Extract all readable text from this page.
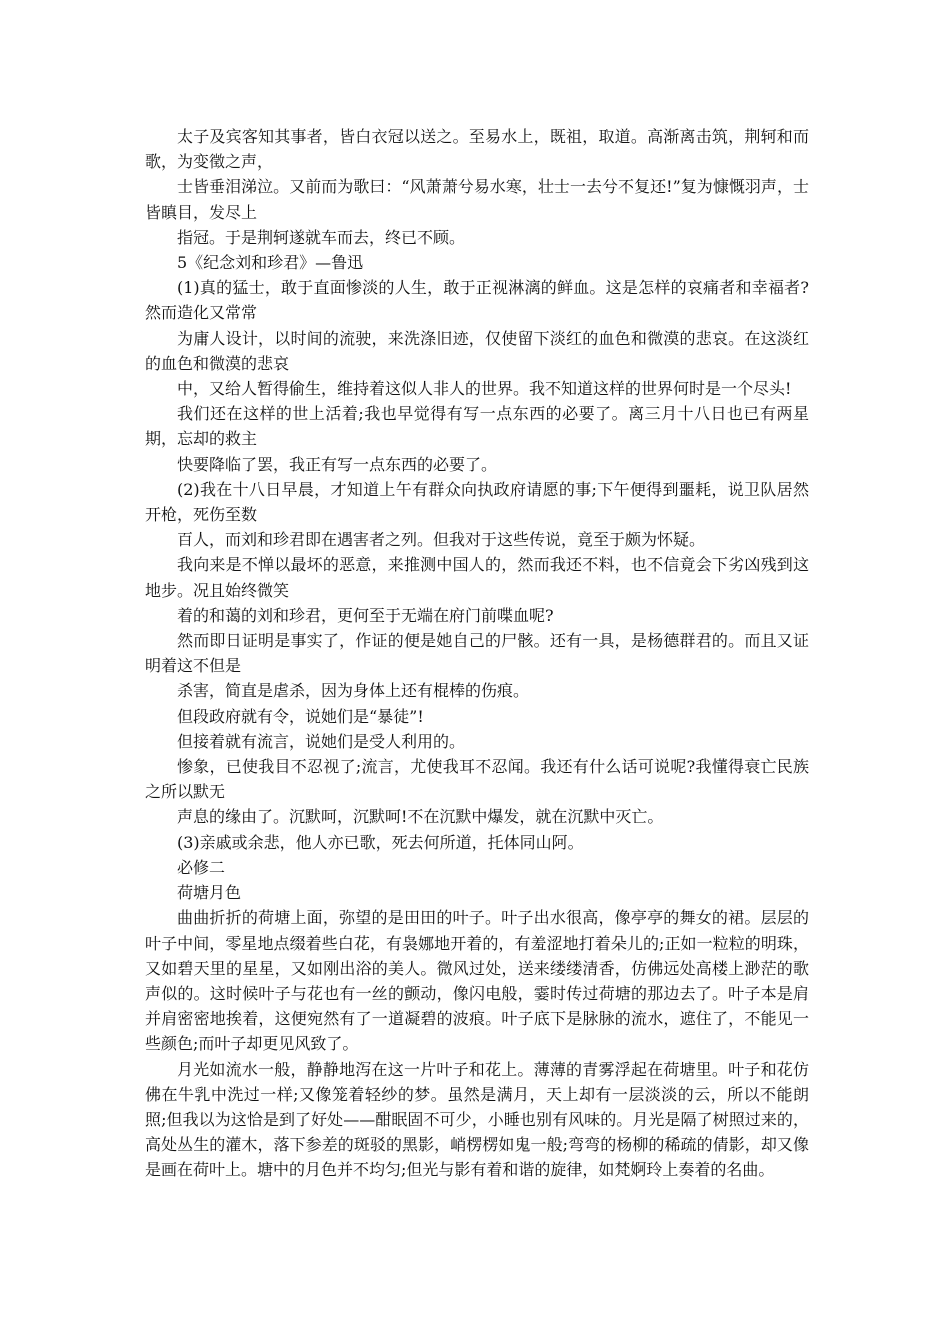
太子及宾客知其事者，皆白衣冠以送之。至易水上，既祖，取道。高渐离击筑，荆轲和而歌，为变徵之声，

士皆垂泪涕泣。又前而为歌曰：“风萧萧兮易水寒，壮士一去兮不复还!”复为慷慨羽声，士皆瞋目，发尽上

指冠。于是荆轲遂就车而去，终已不顾。

5《纪念刘和珍君》—鲁迅

(1)真的猛士，敢于直面惨淡的人生，敢于正视淋漓的鲜血。这是怎样的哀痛者和幸福者?然而造化又常常

为庸人设计，以时间的流驶，来洗涤旧迹，仅使留下淡红的血色和微漠的悲哀。在这淡红的血色和微漠的悲哀

中，又给人暂得偷生，维持着这似人非人的世界。我不知道这样的世界何时是一个尽头!

我们还在这样的世上活着;我也早觉得有写一点东西的必要了。离三月十八日也已有两星期，忘却的救主

快要降临了罢，我正有写一点东西的必要了。

(2)我在十八日早晨，才知道上午有群众向执政府请愿的事;下午便得到噩耗，说卫队居然开枪，死伤至数

百人，而刘和珍君即在遇害者之列。但我对于这些传说，竟至于颇为怀疑。

我向来是不惮以最坏的恶意，来推测中国人的，然而我还不料，也不信竟会下劣凶残到这地步。况且始终微笑

着的和蔼的刘和珍君，更何至于无端在府门前喋血呢?

然而即日证明是事实了，作证的便是她自己的尸骸。还有一具，是杨德群君的。而且又证明着这不但是

杀害，简直是虐杀，因为身体上还有棍棒的伤痕。

但段政府就有令，说她们是“暴徒”!

但接着就有流言，说她们是受人利用的。

惨象，已使我目不忍视了;流言，尤使我耳不忍闻。我还有什么话可说呢?我懂得衰亡民族之所以默无

声息的缘由了。沉默呵，沉默呵!不在沉默中爆发，就在沉默中灭亡。

(3)亲戚或余悲，他人亦已歌，死去何所道，托体同山阿。

必修二

荷塘月色

曲曲折折的荷塘上面，弥望的是田田的叶子。叶子出水很高，像亭亭的舞女的裙。层层的叶子中间，零星地点缀着些白花，有袅娜地开着的，有羞涩地打着朵儿的;正如一粒粒的明珠，又如碧天里的星星，又如刚出浴的美人。微风过处，送来缕缕清香，仿佛远处高楼上渺茫的歌声似的。这时候叶子与花也有一丝的颤动，像闪电般，霎时传过荷塘的那边去了。叶子本是肩并肩密密地挨着，这便宛然有了一道凝碧的波痕。叶子底下是脉脉的流水，遮住了，不能见一些颜色;而叶子却更见风致了。

月光如流水一般，静静地泻在这一片叶子和花上。薄薄的青雾浮起在荷塘里。叶子和花仿佛在牛乳中洗过一样;又像笼着轻纱的梦。虽然是满月，天上却有一层淡淡的云，所以不能朗照;但我以为这恰是到了好处——酣眠固不可少，小睡也别有风味的。月光是隔了树照过来的，高处丛生的灌木，落下参差的斑驳的黑影，峭楞楞如鬼一般;弯弯的杨柳的稀疏的倩影，却又像是画在荷叶上。塘中的月色并不均匀;但光与影有着和谐的旋律，如梵婀玲上奏着的名曲。
